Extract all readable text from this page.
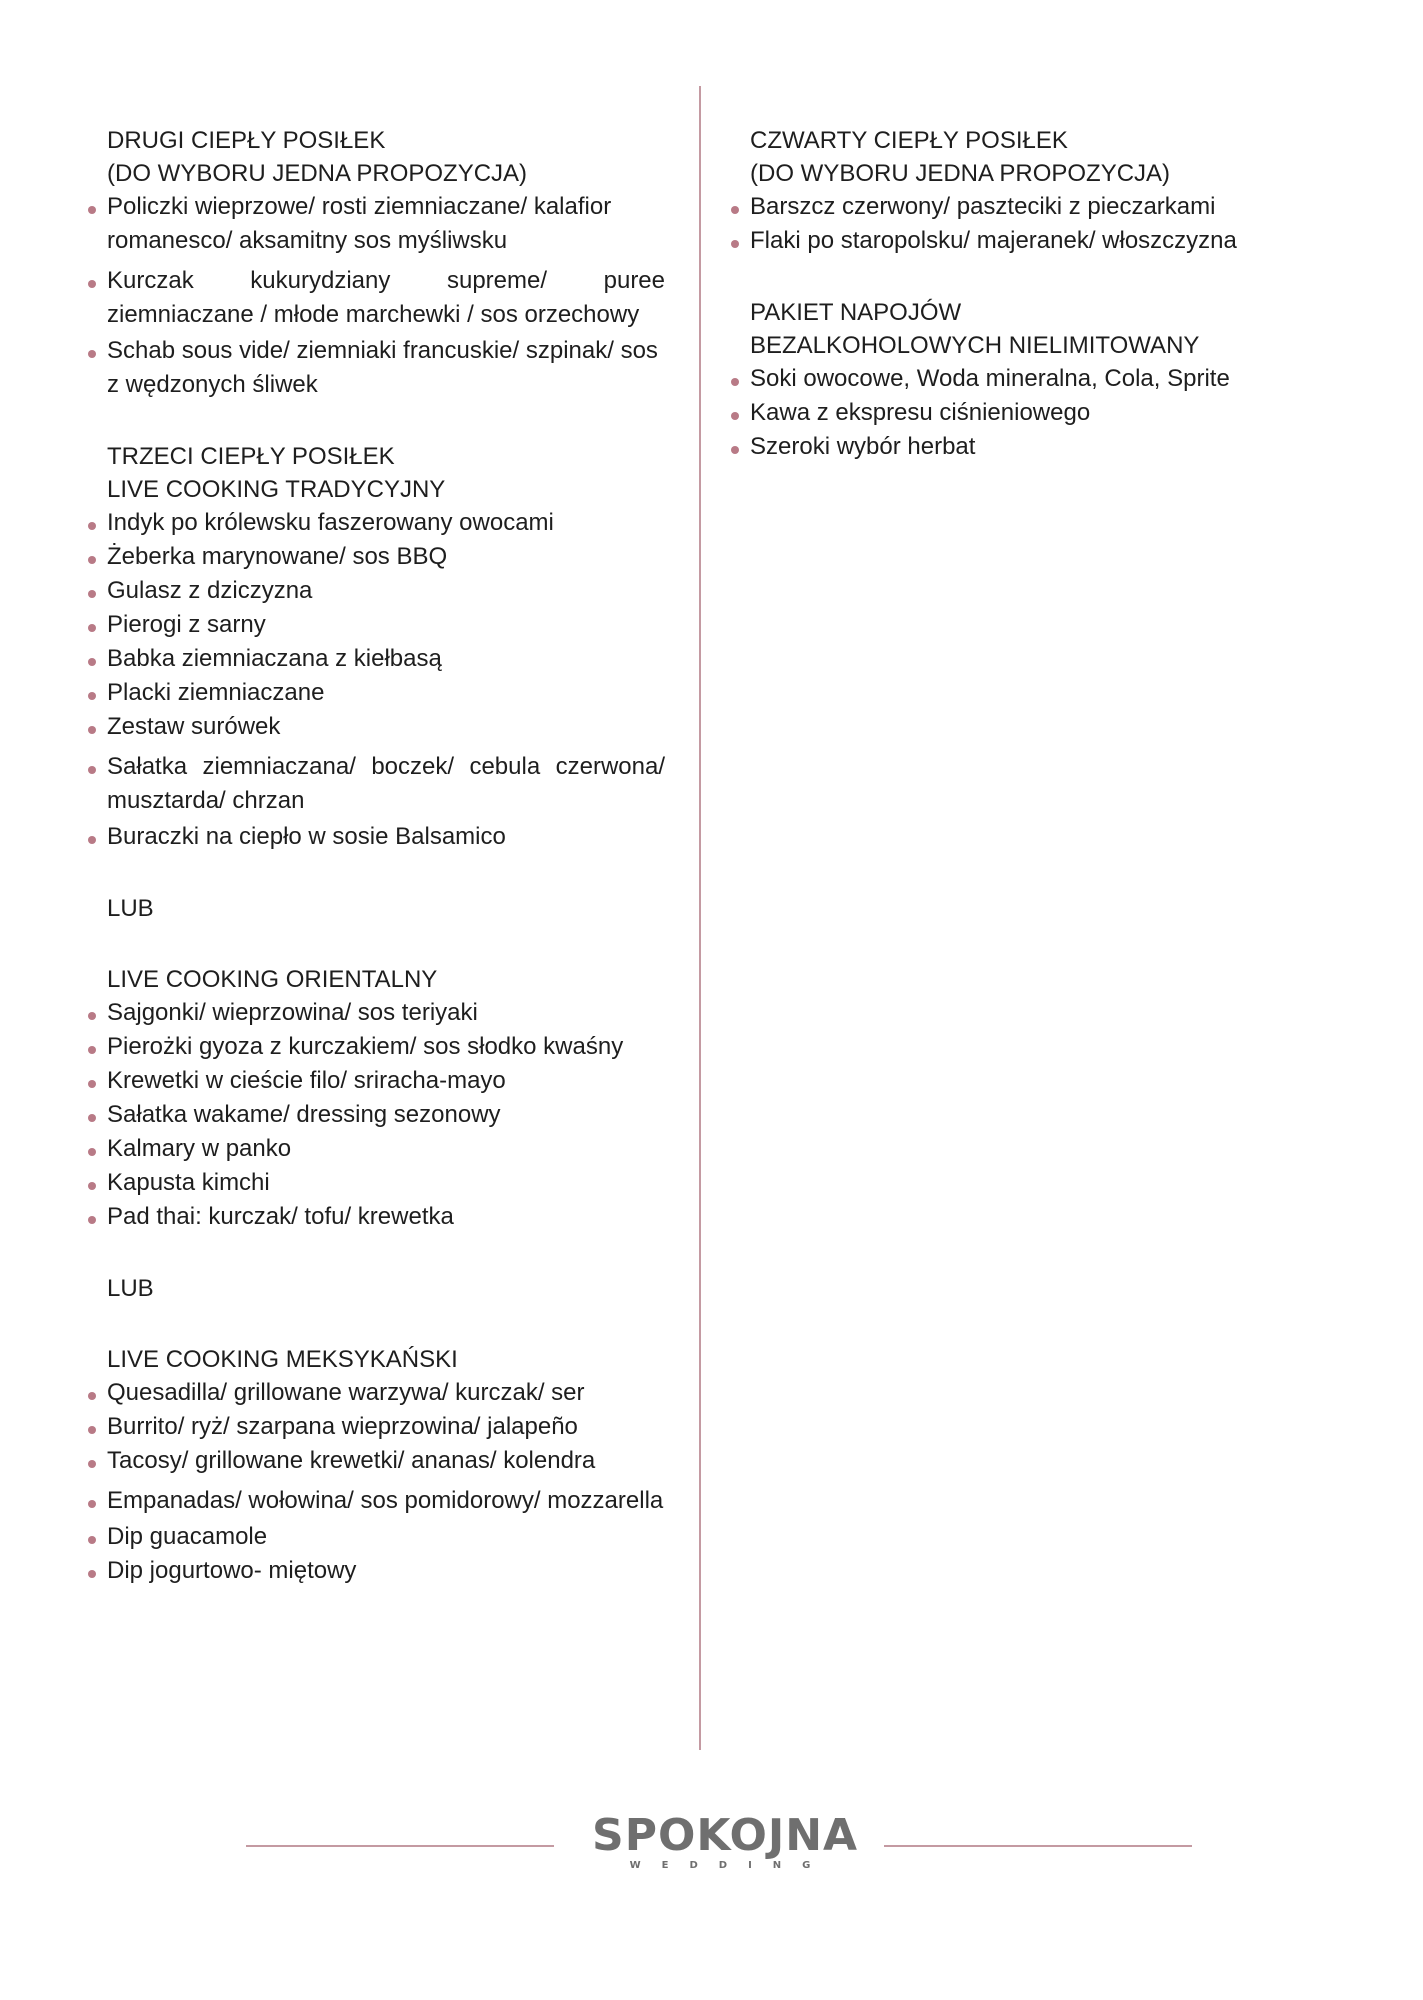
DRUGI CIEPŁY POSIŁEK
(DO WYBORU JEDNA PROPOZYCJA)
Policzki wieprzowe/ rosti ziemniaczane/ kalafior romanesco/ aksamitny sos myśliwsku
Kurczak kukurydziany supreme/ puree ziemniaczane / młode marchewki / sos orzechowy
Schab sous vide/ ziemniaki francuskie/ szpinak/ sos z wędzonych śliwek
TRZECI CIEPŁY POSIŁEK
LIVE COOKING TRADYCYJNY
Indyk po królewsku faszerowany owocami
Żeberka marynowane/ sos BBQ
Gulasz z dziczyzna
Pierogi z sarny
Babka ziemniaczana z kiełbasą
Placki ziemniaczane
Zestaw surówek
Sałatka ziemniaczana/ boczek/ cebula czerwona/ musztarda/ chrzan
Buraczki na ciepło w sosie Balsamico
LUB
LIVE COOKING ORIENTALNY
Sajgonki/ wieprzowina/ sos teriyaki
Pierożki gyoza z kurczakiem/ sos słodko kwaśny
Krewetki w cieście filo/ sriracha-mayo
Sałatka wakame/ dressing sezonowy
Kalmary w panko
Kapusta kimchi
Pad thai: kurczak/ tofu/ krewetka
LUB
LIVE COOKING MEKSYKAŃSKI
Quesadilla/ grillowane warzywa/ kurczak/ ser
Burrito/ ryż/ szarpana wieprzowina/ jalapeño
Tacosy/ grillowane krewetki/ ananas/ kolendra
Empanadas/ wołowina/ sos pomidorowy/ mozzarella
Dip guacamole
Dip jogurtowo- miętowy
CZWARTY CIEPŁY POSIŁEK
(DO WYBORU JEDNA PROPOZYCJA)
Barszcz czerwony/ paszteciki z pieczarkami
Flaki po staropolsku/ majeranek/ włoszczyzna
PAKIET NAPOJÓW
BEZALKOHOLOWYCH NIELIMITOWANY
Soki owocowe, Woda mineralna, Cola, Sprite
Kawa z ekspresu ciśnieniowego
Szeroki wybór herbat
SPOKOJNA
WEDDING
